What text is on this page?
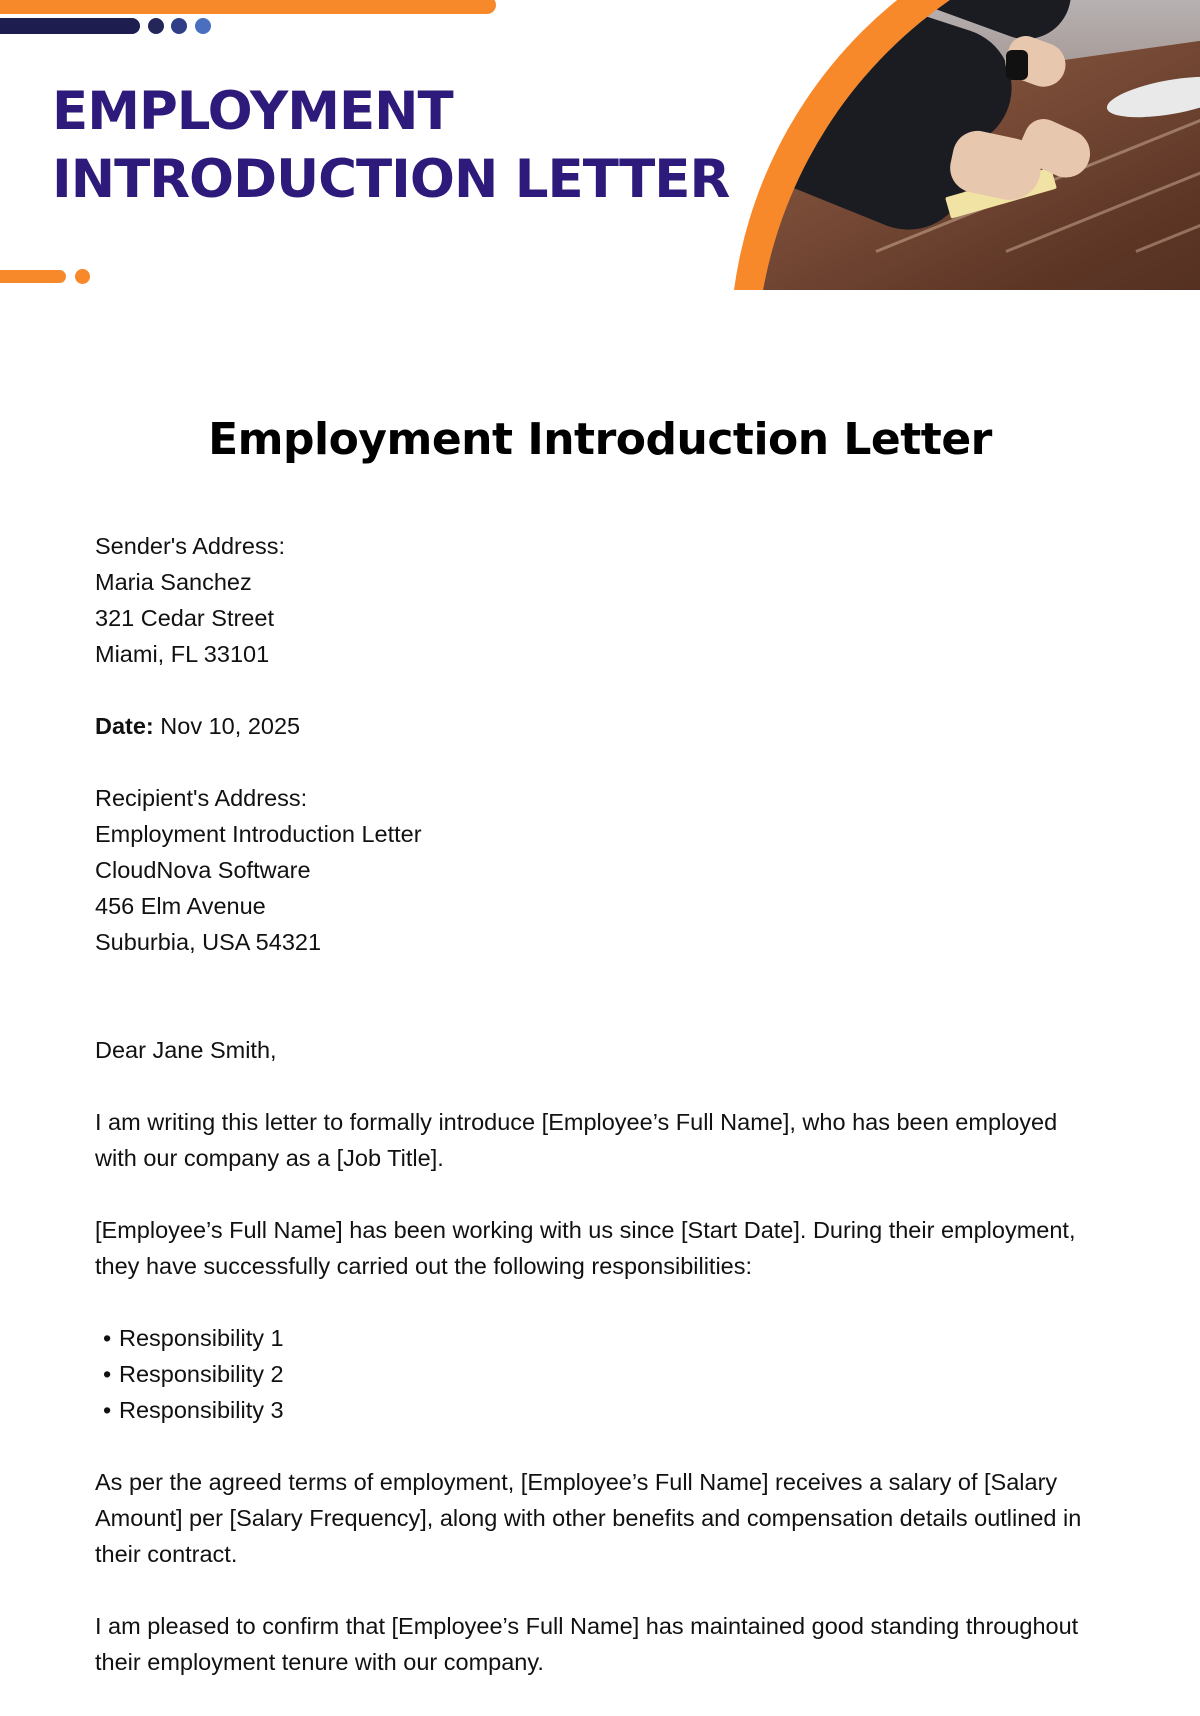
EMPLOYMENT
INTRODUCTION LETTER
Employment Introduction Letter

Sender's Address:
Maria Sanchez
321 Cedar Street
Miami, FL 33101

Date: Nov 10, 2025

Recipient's Address:
Employment Introduction Letter
CloudNova Software
456 Elm Avenue
Suburbia, USA 54321

Dear Jane Smith,

I am writing this letter to formally introduce [Employee’s Full Name], who has been employed with our company as a [Job Title].

[Employee’s Full Name] has been working with us since [Start Date]. During their employment, they have successfully carried out the following responsibilities:

• Responsibility 1
• Responsibility 2
• Responsibility 3

As per the agreed terms of employment, [Employee’s Full Name] receives a salary of [Salary Amount] per [Salary Frequency], along with other benefits and compensation details outlined in their contract.

I am pleased to confirm that [Employee’s Full Name] has maintained good standing throughout their employment tenure with our company.
